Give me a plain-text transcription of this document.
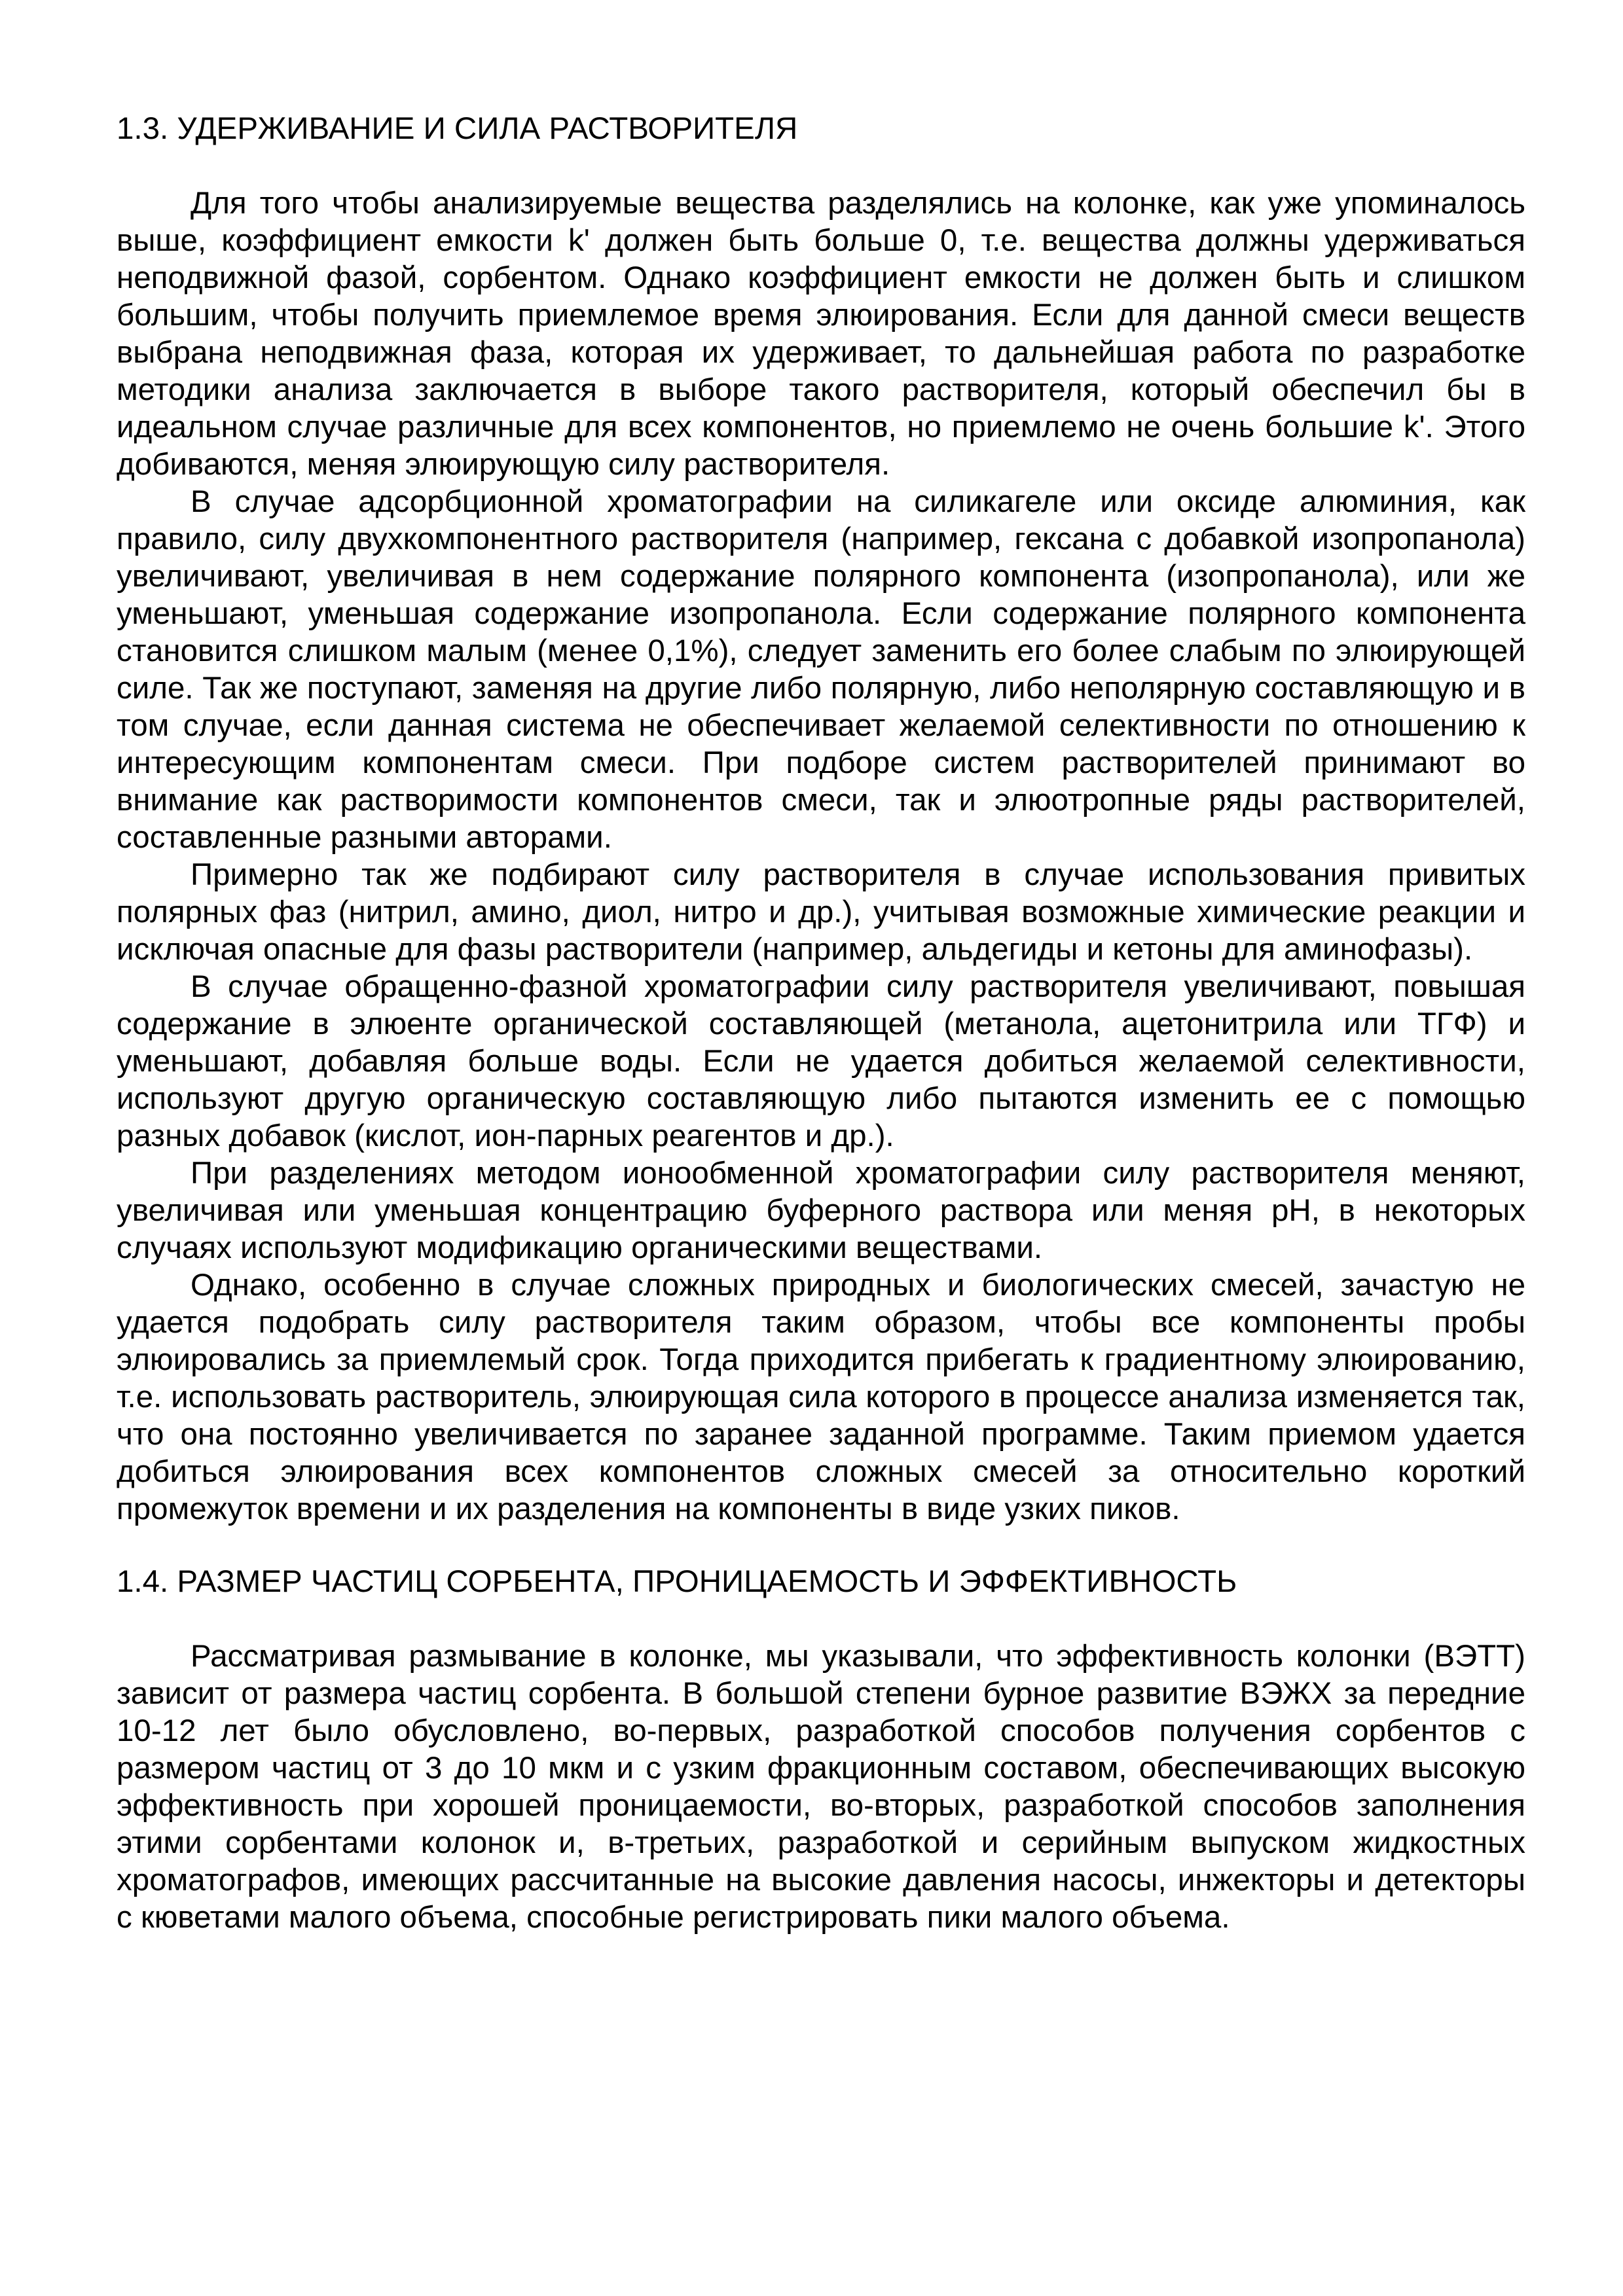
1.3. УДЕРЖИВАНИЕ И СИЛА РАСТВОРИТЕЛЯ

Для того чтобы анализируемые вещества разделялись на колонке, как уже упоминалось выше, коэффициент емкости k' должен быть больше 0, т.е. вещества должны удерживаться неподвижной фазой, сорбентом. Однако коэффициент емкости не должен быть и слишком большим, чтобы получить приемлемое время элюирования. Если для данной смеси веществ выбрана неподвижная фаза, которая их удерживает, то дальнейшая работа по разработке методики анализа заключается в выборе такого растворителя, который обеспечил бы в идеальном случае различные для всех компонентов, но приемлемо не очень большие k'. Этого добиваются, меняя элюирующую силу растворителя.

В случае адсорбционной хроматографии на силикагеле или оксиде алюминия, как правило, силу двухкомпонентного растворителя (например, гексана с добавкой изопропанола) увеличивают, увеличивая в нем содержание полярного компонента (изопропанола), или же уменьшают, уменьшая содержание изопропанола. Если содержание полярного компонента становится слишком малым (менее 0,1%), следует заменить его более слабым по элюирующей силе. Так же поступают, заменяя на другие либо полярную, либо неполярную составляющую и в том случае, если данная система не обеспечивает желаемой селективности по отношению к интересующим компонентам смеси. При подборе систем растворителей принимают во внимание как растворимости компонентов смеси, так и элюотропные ряды растворителей, составленные разными авторами.

Примерно так же подбирают силу растворителя в случае использования привитых полярных фаз (нитрил, амино, диол, нитро и др.), учитывая возможные химические реакции и исключая опасные для фазы растворители (например, альдегиды и кетоны для аминофазы).

В случае обращенно-фазной хроматографии силу растворителя увеличивают, повышая содержание в элюенте органической составляющей (метанола, ацетонитрила или ТГФ) и уменьшают, добавляя больше воды. Если не удается добиться желаемой селективности, используют другую органическую составляющую либо пытаются изменить ее с помощью разных добавок (кислот, ион-парных реагентов и др.).

При разделениях методом ионообменной хроматографии силу растворителя меняют, увеличивая или уменьшая концентрацию буферного раствора или меняя pH, в некоторых случаях используют модификацию органическими веществами.

Однако, особенно в случае сложных природных и биологических смесей, зачастую не удается подобрать силу растворителя таким образом, чтобы все компоненты пробы элюировались за приемлемый срок. Тогда приходится прибегать к градиентному элюированию, т.е. использовать растворитель, элюирующая сила которого в процессе анализа изменяется так, что она постоянно увеличивается по заранее заданной программе. Таким приемом удается добиться элюирования всех компонентов сложных смесей за относительно короткий промежуток времени и их разделения на компоненты в виде узких пиков.

1.4. РАЗМЕР ЧАСТИЦ СОРБЕНТА, ПРОНИЦАЕМОСТЬ И ЭФФЕКТИВНОСТЬ

Рассматривая размывание в колонке, мы указывали, что эффективность колонки (ВЭТТ) зависит от размера частиц сорбента. В большой степени бурное развитие ВЭЖХ за передние 10-12 лет было обусловлено, во-первых, разработкой способов получения сорбентов с размером частиц от 3 до 10 мкм и с узким фракционным составом, обеспечивающих высокую эффективность при хорошей проницаемости, во-вторых, разработкой способов заполнения этими сорбентами колонок и, в-третьих, разработкой и серийным выпуском жидкостных хроматографов, имеющих рассчитанные на высокие давления насосы, инжекторы и детекторы с кюветами малого объема, способные регистрировать пики малого объема.
